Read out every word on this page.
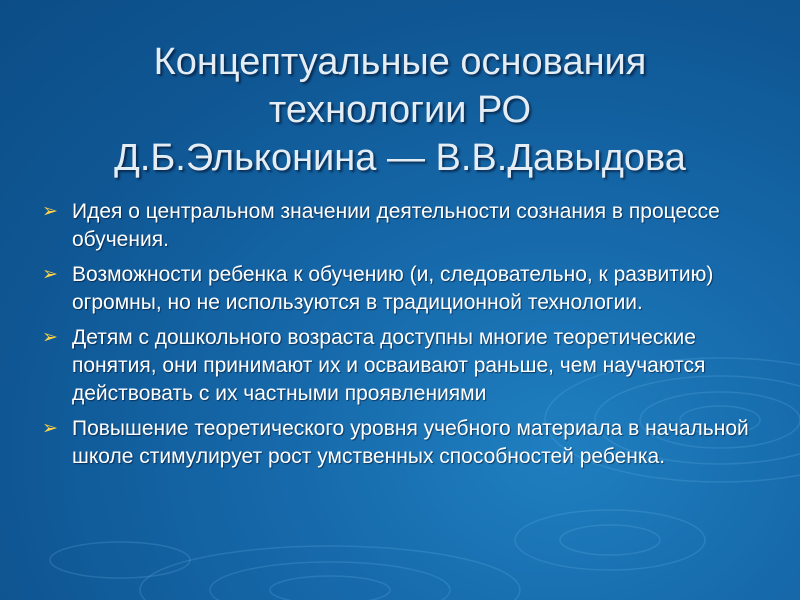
Концептуальные основания
технологии РО
Д.Б.Эльконина — В.В.Давыдова
➢ Идея о центральном значении деятельности сознания в процессе обучения.
➢ Возможности ребенка к обучению (и, следовательно, к развитию) огромны, но не используются в традиционной технологии.
➢ Детям с дошкольного возраста доступны многие теоретические понятия, они принимают их и осваивают раньше, чем научаются действовать с их частными проявлениями
➢ Повышение теоретического уровня учебного материала в начальной школе стимулирует рост умственных способностей ребенка.
